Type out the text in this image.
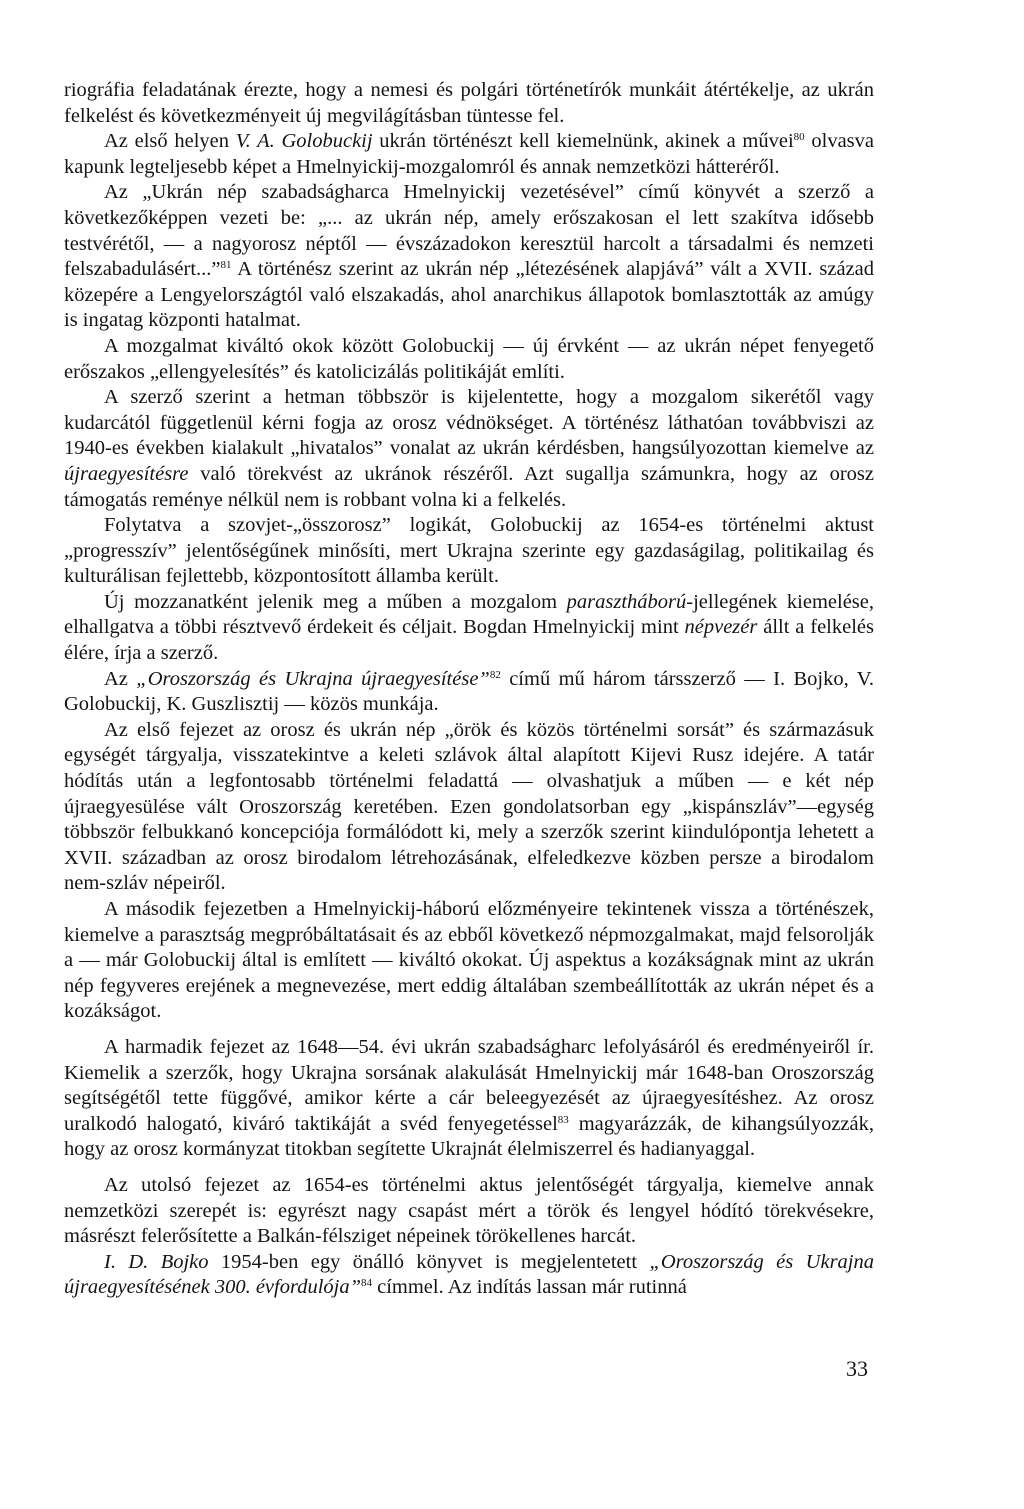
riográfia feladatának érezte, hogy a nemesi és polgári történetírók munkáit átértékelje, az ukrán felkelést és következményeit új megvilágításban tüntesse fel.

Az első helyen V. A. Golobuckij ukrán történészt kell kiemelnünk, akinek a művei$^{80}$ olvasva kapunk legteljesebb képet a Hmelnyickij-mozgalomról és annak nemzetközi hátteréről.

Az „Ukrán nép szabadságharca Hmelnyickij vezetésével” című könyvét a szerző a következőképpen vezeti be: „... az ukrán nép, amely erőszakosan el lett szakítva idősebb testvérétől, — a nagyorosz néptől — évszázadokon keresztül harcolt a társadalmi és nemzeti felszabadulásért...”$^{81}$ A történész szerint az ukrán nép „létezésének alapjává” vált a XVII. század közepére a Lengyelországtól való elszakadás, ahol anarchikus állapotok bomlasztották az amúgy is ingatag központi hatalmat.

A mozgalmat kiváltó okok között Golobuckij — új érvként — az ukrán népet fenyegető erőszakos „ellengyelesítés” és katolicizálás politikáját említi.

A szerző szerint a hetman többször is kijelentette, hogy a mozgalom sikerétől vagy kudarcától függetlenül kérni fogja az orosz védnökséget. A történész láthatóan továbbviszi az 1940-es években kialakult „hivatalos” vonalat az ukrán kérdésben, hangsúlyozottan kiemelve az újraegyesítésre való törekvést az ukránok részéről. Azt sugallja számunkra, hogy az orosz támogatás reménye nélkül nem is robbant volna ki a felkelés.

Folytatva a szovjet-„összorosz” logikát, Golobuckij az 1654-es történelmi aktust „progresszív” jelentőségűnek minősíti, mert Ukrajna szerinte egy gazdaságilag, politikailag és kulturálisan fejlettebb, központosított államba került.

Új mozzanatként jelenik meg a műben a mozgalom parasztháború-jellegének kiemelése, elhallgatva a többi résztvevő érdekeit és céljait. Bogdan Hmelnyickij mint népvezér állt a felkelés élére, írja a szerző.

Az „Oroszország és Ukrajna újraegyesítése”$^{82}$ című mű három társszerző — I. Bojko, V. Golobuckij, K. Guszlisztij — közös munkája.

Az első fejezet az orosz és ukrán nép „örök és közös történelmi sorsát” és származásuk egységét tárgyalja, visszatekintve a keleti szlávok által alapított Kijevi Rusz idejére. A tatár hódítás után a legfontosabb történelmi feladattá — olvashatjuk a műben — e két nép újraegyesülése vált Oroszország keretében. Ezen gondolatsorban egy „kispánszláv”—egység többször felbukkanó koncepciója formálódott ki, mely a szerzők szerint kiindulópontja lehetett a XVII. században az orosz birodalom létrehozásának, elfeledkezve közben persze a birodalom nem-szláv népeiről.

A második fejezetben a Hmelnyickij-háború előzményeire tekintenek vissza a történészek, kiemelve a parasztság megpróbáltatásait és az ebből következő népmozgalmakat, majd felsorolják a — már Golobuckij által is említett — kiváltó okokat. Új aspektus a kozákságnak mint az ukrán nép fegyveres erejének a megnevezése, mert eddig általában szembeállították az ukrán népet és a kozákságot.

A harmadik fejezet az 1648—54. évi ukrán szabadságharc lefolyásáról és eredményeiről ír. Kiemelik a szerzők, hogy Ukrajna sorsának alakulását Hmelnyickij már 1648-ban Oroszország segítségétől tette függővé, amikor kérte a cár beleegyezését az újraegyesítéshez. Az orosz uralkodó halogató, kiváró taktikáját a svéd fenyegetéssel$^{83}$ magyarázzák, de kihangsúlyozzák, hogy az orosz kormányzat titokban segítette Ukrajnát élelmiszerrel és hadianyaggal.

Az utolsó fejezet az 1654-es történelmi aktus jelentőségét tárgyalja, kiemelve annak nemzetközi szerepét is: egyrészt nagy csapást mért a török és lengyel hódító törekvésekre, másrészt felerősítette a Balkán-félsziget népeinek törökellenes harcát.

I. D. Bojko 1954-ben egy önálló könyvet is megjelentetett „Oroszország és Ukrajna újraegyesítésének 300. évfordulója”$^{84}$ címmel. Az indítás lassan már rutinná

33
